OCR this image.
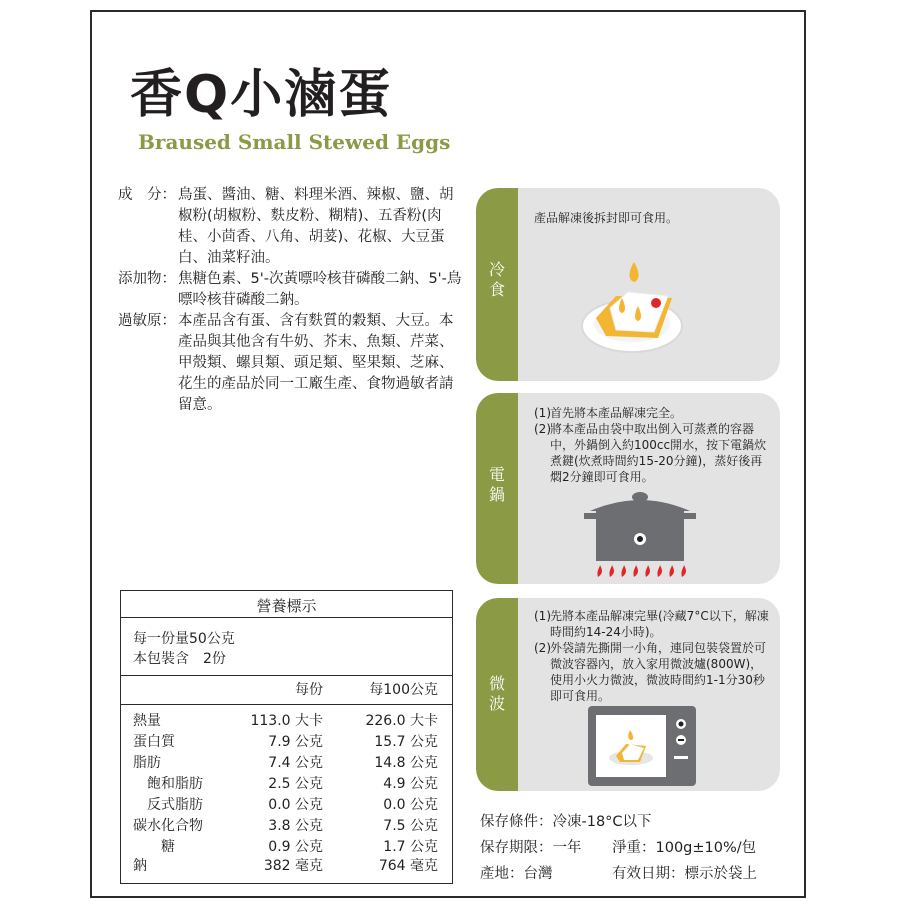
香Q小滷蛋
Braused Small Stewed Eggs
成　分： 鳥蛋、醬油、糖、料理米酒、辣椒、鹽、胡椒粉(胡椒粉、麩皮粉、糊精)、五香粉(肉桂、小茴香、八角、胡荽)、花椒、大豆蛋白、油菜籽油。
添加物： 焦糖色素、5'-次黃嘌呤核苷磷酸二鈉、5'-鳥嘌呤核苷磷酸二鈉。
過敏原： 本產品含有蛋、含有麩質的穀類、大豆。本產品與其他含有牛奶、芥末、魚類、芹菜、甲殼類、螺貝類、頭足類、堅果類、芝麻、花生的產品於同一工廠生產、食物過敏者請留意。
冷
食
產品解凍後拆封即可食用。
電
鍋
(1) 首先將本產品解凍完全。
(2) 將本產品由袋中取出倒入可蒸煮的容器中，外鍋倒入約100cc開水，按下電鍋炊煮鍵(炊煮時間約15-20分鐘)，蒸好後再燜2分鐘即可食用。
微
波
(1) 先將本產品解凍完畢(冷藏7°C以下，解凍時間約14-24小時)。
(2) 外袋請先撕開一小角，連同包裝袋置於可微波容器內，放入家用微波爐(800W)，使用小火力微波，微波時間約1-1分30秒即可食用。
營養標示
每一份量50公克
本包裝含　2份
每份	每100公克
熱量	113.0 大卡	226.0 大卡
蛋白質	7.9 公克	15.7 公克
脂肪	7.4 公克	14.8 公克
　飽和脂肪	2.5 公克	4.9 公克
　反式脂肪	0.0 公克	0.0 公克
碳水化合物	3.8 公克	7.5 公克
　　糖	0.9 公克	1.7 公克
鈉	382 毫克	764 毫克
保存條件：冷凍-18°C以下
保存期限：一年 淨重：100g±10%/包
產地：台灣	有效日期：標示於袋上
